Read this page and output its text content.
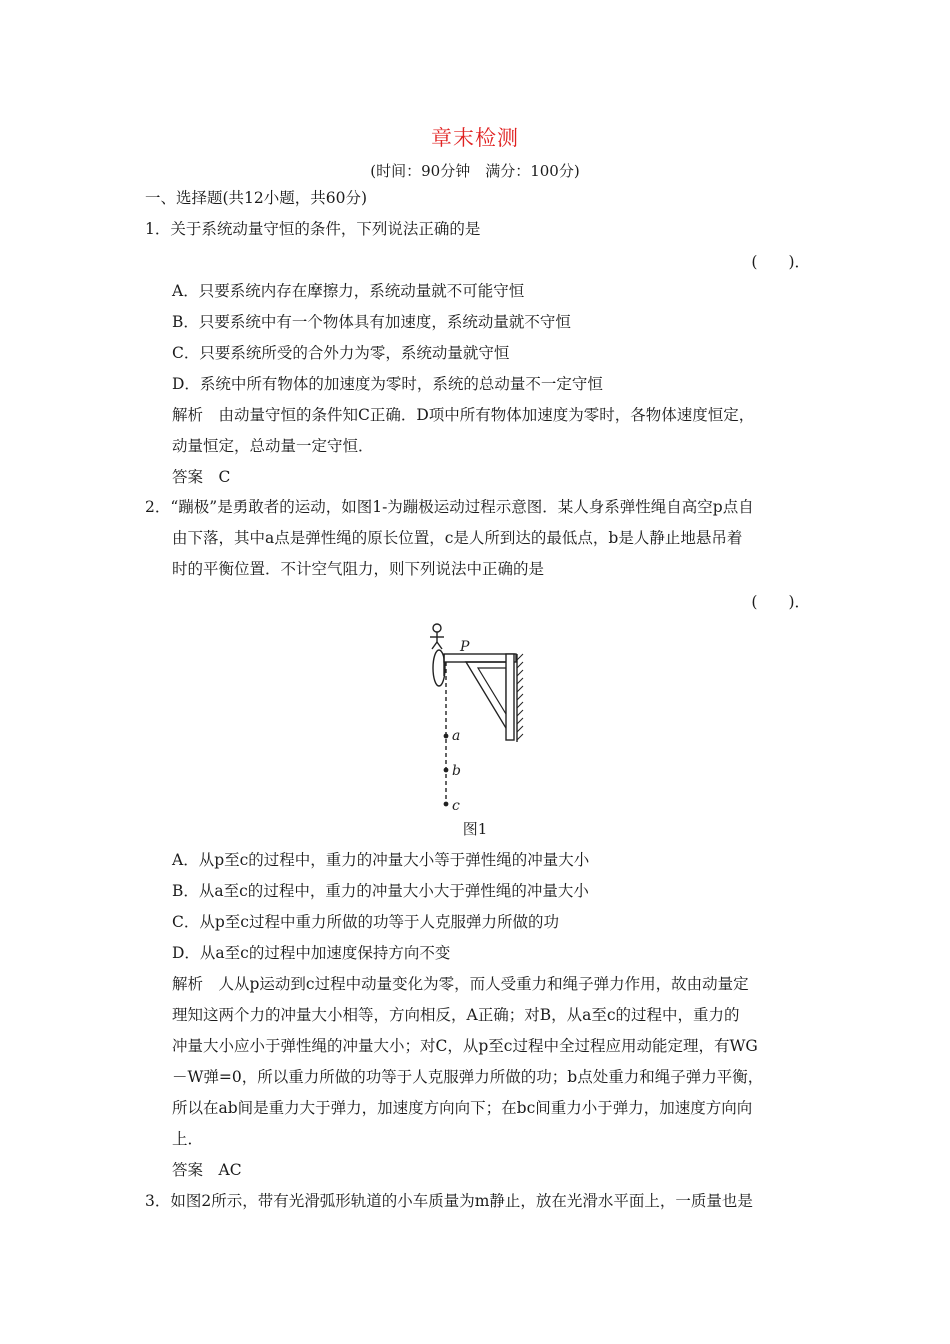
章末检测
(时间：90分钟　满分：100分)
一、选择题(共12小题，共60分)
1．关于系统动量守恒的条件，下列说法正确的是
(　　)．
A．只要系统内存在摩擦力，系统动量就不可能守恒
B．只要系统中有一个物体具有加速度，系统动量就不守恒
C．只要系统所受的合外力为零，系统动量就守恒
D．系统中所有物体的加速度为零时，系统的总动量不一定守恒
解析　由动量守恒的条件知C正确．D项中所有物体加速度为零时，各物体速度恒定，
动量恒定，总动量一定守恒．
答案　C
2．“蹦极”是勇敢者的运动，如图1-为蹦极运动过程示意图．某人身系弹性绳自高空p点自
由下落，其中a点是弹性绳的原长位置，c是人所到达的最低点，b是人静止地悬吊着
时的平衡位置．不计空气阻力，则下列说法中正确的是
(　　)．
P
a
b
c
图1
A．从p至c的过程中，重力的冲量大小等于弹性绳的冲量大小
B．从a至c的过程中，重力的冲量大小大于弹性绳的冲量大小
C．从p至c过程中重力所做的功等于人克服弹力所做的功
D．从a至c的过程中加速度保持方向不变
解析　人从p运动到c过程中动量变化为零，而人受重力和绳子弹力作用，故由动量定
理知这两个力的冲量大小相等，方向相反，A正确；对B，从a至c的过程中，重力的
冲量大小应小于弹性绳的冲量大小；对C，从p至c过程中全过程应用动能定理，有WG
－W弹=0，所以重力所做的功等于人克服弹力所做的功；b点处重力和绳子弹力平衡，
所以在ab间是重力大于弹力，加速度方向向下；在bc间重力小于弹力，加速度方向向
上．
答案　AC
3．如图2所示，带有光滑弧形轨道的小车质量为m静止，放在光滑水平面上，一质量也是
